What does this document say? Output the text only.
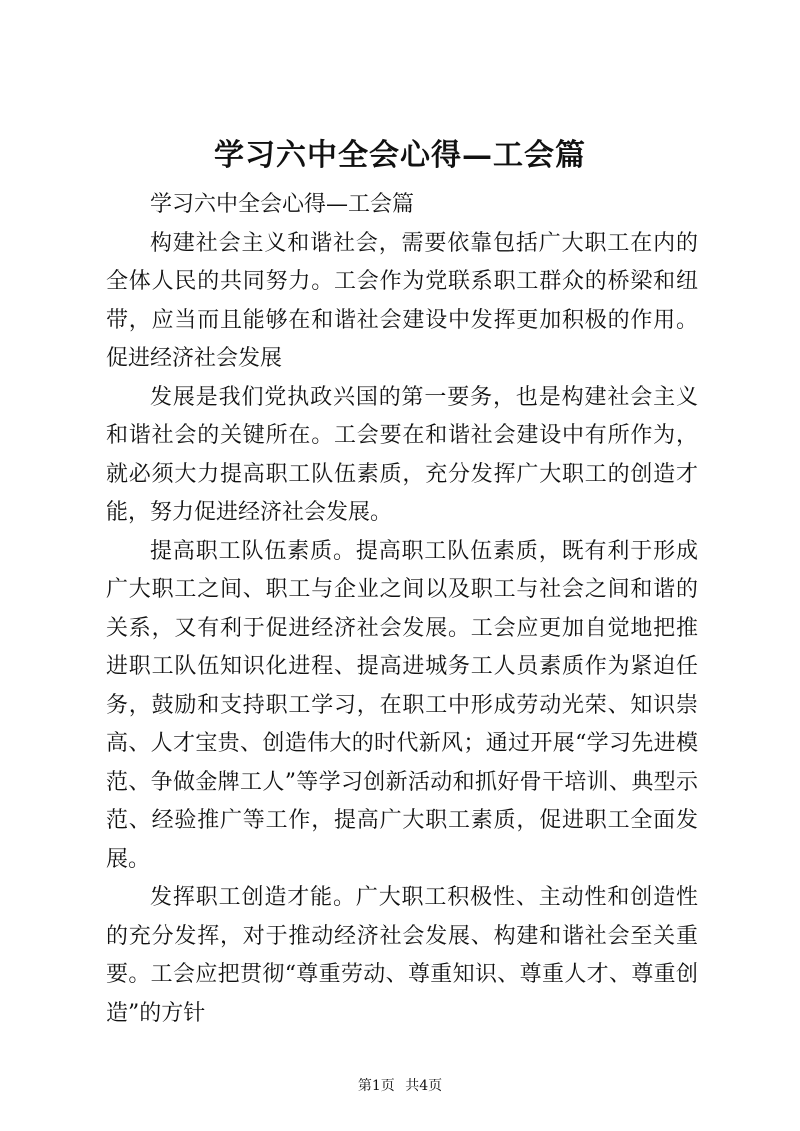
学习六中全会心得—工会篇

学习六中全会心得—工会篇

构建社会主义和谐社会，需要依靠包括广大职工在内的全体人民的共同努力。工会作为党联系职工群众的桥梁和纽带，应当而且能够在和谐社会建设中发挥更加积极的作用。促进经济社会发展

发展是我们党执政兴国的第一要务，也是构建社会主义和谐社会的关键所在。工会要在和谐社会建设中有所作为，就必须大力提高职工队伍素质，充分发挥广大职工的创造才能，努力促进经济社会发展。

提高职工队伍素质。提高职工队伍素质，既有利于形成广大职工之间、职工与企业之间以及职工与社会之间和谐的关系，又有利于促进经济社会发展。工会应更加自觉地把推进职工队伍知识化进程、提高进城务工人员素质作为紧迫任务，鼓励和支持职工学习，在职工中形成劳动光荣、知识崇高、人才宝贵、创造伟大的时代新风；通过开展“学习先进模范、争做金牌工人”等学习创新活动和抓好骨干培训、典型示范、经验推广等工作，提高广大职工素质，促进职工全面发展。

发挥职工创造才能。广大职工积极性、主动性和创造性的充分发挥，对于推动经济社会发展、构建和谐社会至关重要。工会应把贯彻“尊重劳动、尊重知识、尊重人才、尊重创造”的方针

第1页 共4页
